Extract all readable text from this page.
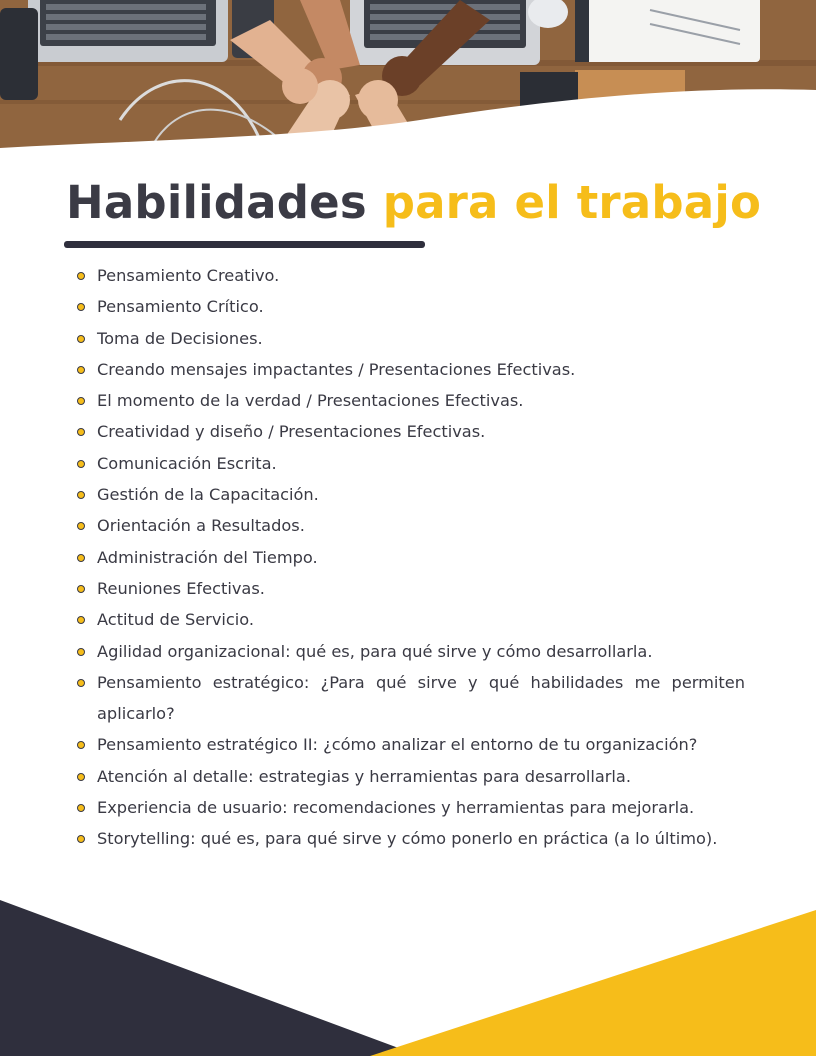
Habilidades para el trabajo
Pensamiento Creativo.
Pensamiento Crítico.
Toma de Decisiones.
Creando mensajes impactantes / Presentaciones Efectivas.
El momento de la verdad / Presentaciones Efectivas.
Creatividad y diseño / Presentaciones Efectivas.
Comunicación Escrita.
Gestión de la Capacitación.
Orientación a Resultados.
Administración del Tiempo.
Reuniones Efectivas.
Actitud de Servicio.
Agilidad organizacional: qué es, para qué sirve y cómo desarrollarla.
Pensamiento estratégico: ¿Para qué sirve y qué habilidades me permiten aplicarlo?
Pensamiento estratégico II: ¿cómo analizar el entorno de tu organización?
Atención al detalle: estrategias y herramientas para desarrollarla.
Experiencia de usuario: recomendaciones y herramientas para mejorarla.
Storytelling: qué es, para qué sirve y cómo ponerlo en práctica (a lo último).
